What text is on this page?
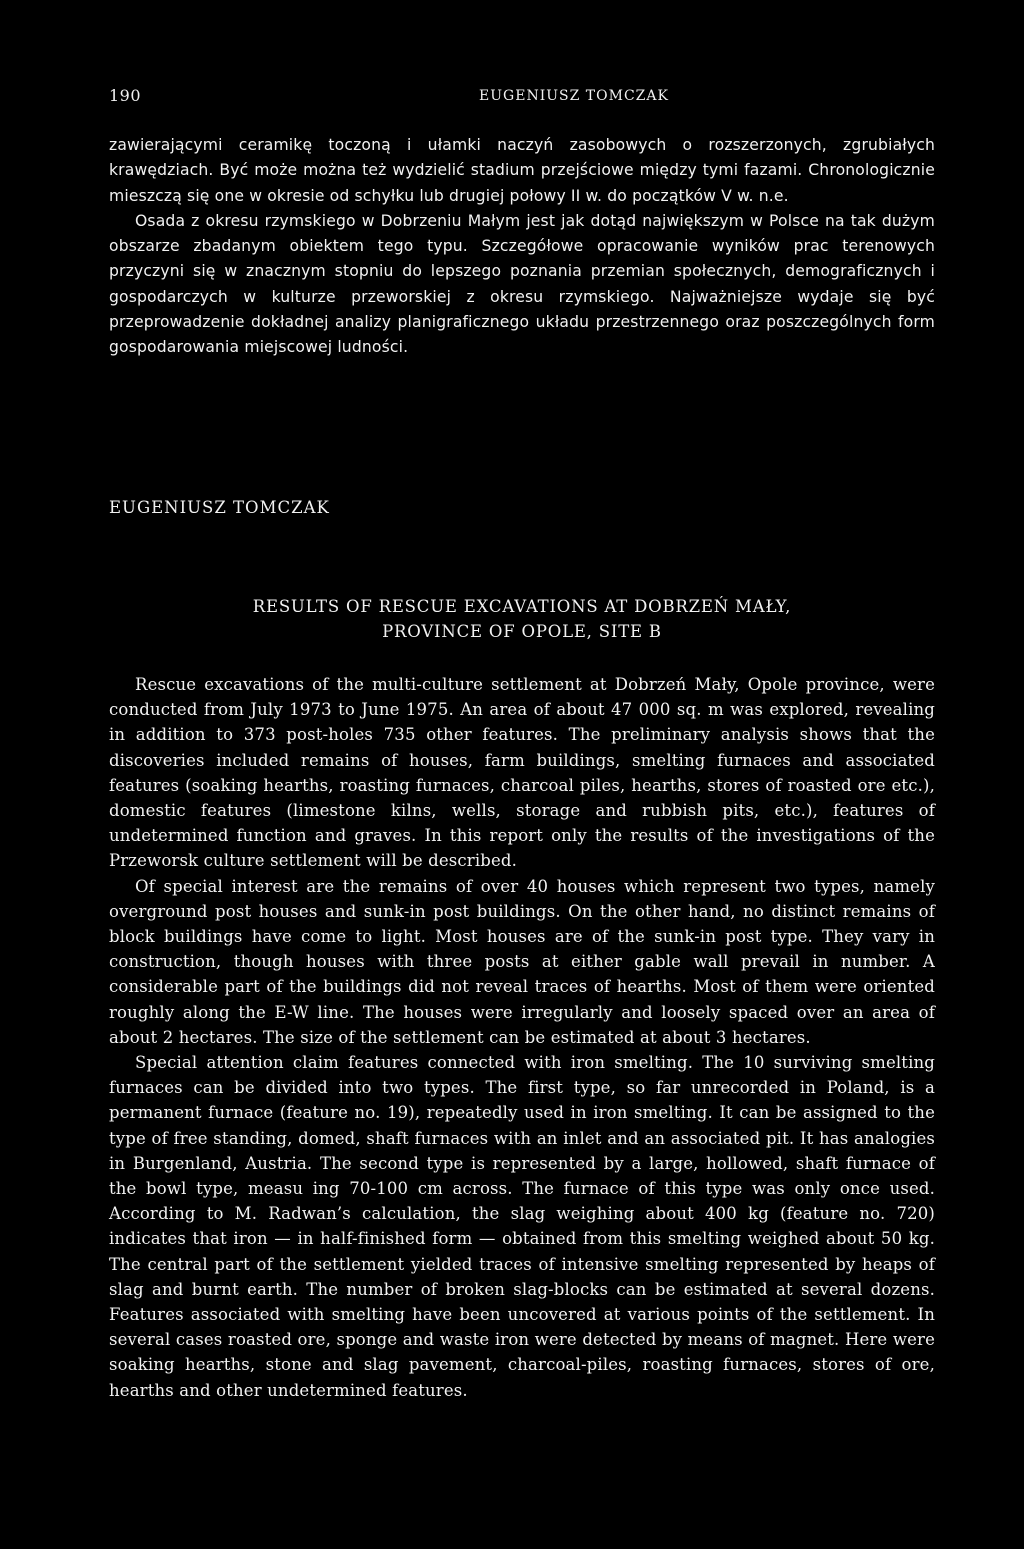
190	EUGENIUSZ TOMCZAK

zawierającymi ceramikę toczoną i ułamki naczyń zasobowych o rozszerzonych, zgrubiałych krawędziach. Być może można też wydzielić stadium przejściowe między tymi fazami. Chronologicznie mieszczą się one w okresie od schyłku lub drugiej połowy II w. do początków V w. n.e.

Osada z okresu rzymskiego w Dobrzeniu Małym jest jak dotąd największym w Polsce na tak dużym obszarze zbadanym obiektem tego typu. Szczegółowe opracowanie wyników prac terenowych przyczyni się w znacznym stopniu do lepszego poznania przemian społecznych, demograficznych i gospodarczych w kulturze przeworskiej z okresu rzymskiego. Najważniejsze wydaje się być przeprowadzenie dokładnej analizy planigraficznego układu przestrzennego oraz poszczególnych form gospodarowania miejscowej ludności.

EUGENIUSZ TOMCZAK
RESULTS OF RESCUE EXCAVATIONS AT DOBRZEŃ MAŁY,
PROVINCE OF OPOLE, SITE B

Rescue excavations of the multi-culture settlement at Dobrzeń Mały, Opole province, were conducted from July 1973 to June 1975. An area of about 47 000 sq. m was explored, revealing in addition to 373 post-holes 735 other features. The preliminary analysis shows that the discoveries included remains of houses, farm buildings, smelting furnaces and associated features (soaking hearths, roasting furnaces, charcoal piles, hearths, stores of roasted ore etc.), domestic features (limestone kilns, wells, storage and rubbish pits, etc.), features of undetermined function and graves. In this report only the results of the investigations of the Przeworsk culture settlement will be described.

Of special interest are the remains of over 40 houses which represent two types, namely overground post houses and sunk-in post buildings. On the other hand, no distinct remains of block buildings have come to light. Most houses are of the sunk-in post type. They vary in construction, though houses with three posts at either gable wall prevail in number. A considerable part of the buildings did not reveal traces of hearths. Most of them were oriented roughly along the E-W line. The houses were irregularly and loosely spaced over an area of about 2 hectares. The size of the settlement can be estimated at about 3 hectares.

Special attention claim features connected with iron smelting. The 10 surviving smelting furnaces can be divided into two types. The first type, so far unrecorded in Poland, is a permanent furnace (feature no. 19), repeatedly used in iron smelting. It can be assigned to the type of free standing, domed, shaft furnaces with an inlet and an associated pit. It has analogies in Burgenland, Austria. The second type is represented by a large, hollowed, shaft furnace of the bowl type, measu ing 70-100 cm across. The furnace of this type was only once used. According to M. Radwan’s calculation, the slag weighing about 400 kg (feature no. 720) indicates that iron — in half-finished form — obtained from this smelting weighed about 50 kg. The central part of the settlement yielded traces of intensive smelting represented by heaps of slag and burnt earth. The number of broken slag-blocks can be estimated at several dozens. Features associated with smelting have been uncovered at various points of the settlement. In several cases roasted ore, sponge and waste iron were detected by means of magnet. Here were soaking hearths, stone and slag pavement, charcoal-piles, roasting furnaces, stores of ore, hearths and other undetermined features.
